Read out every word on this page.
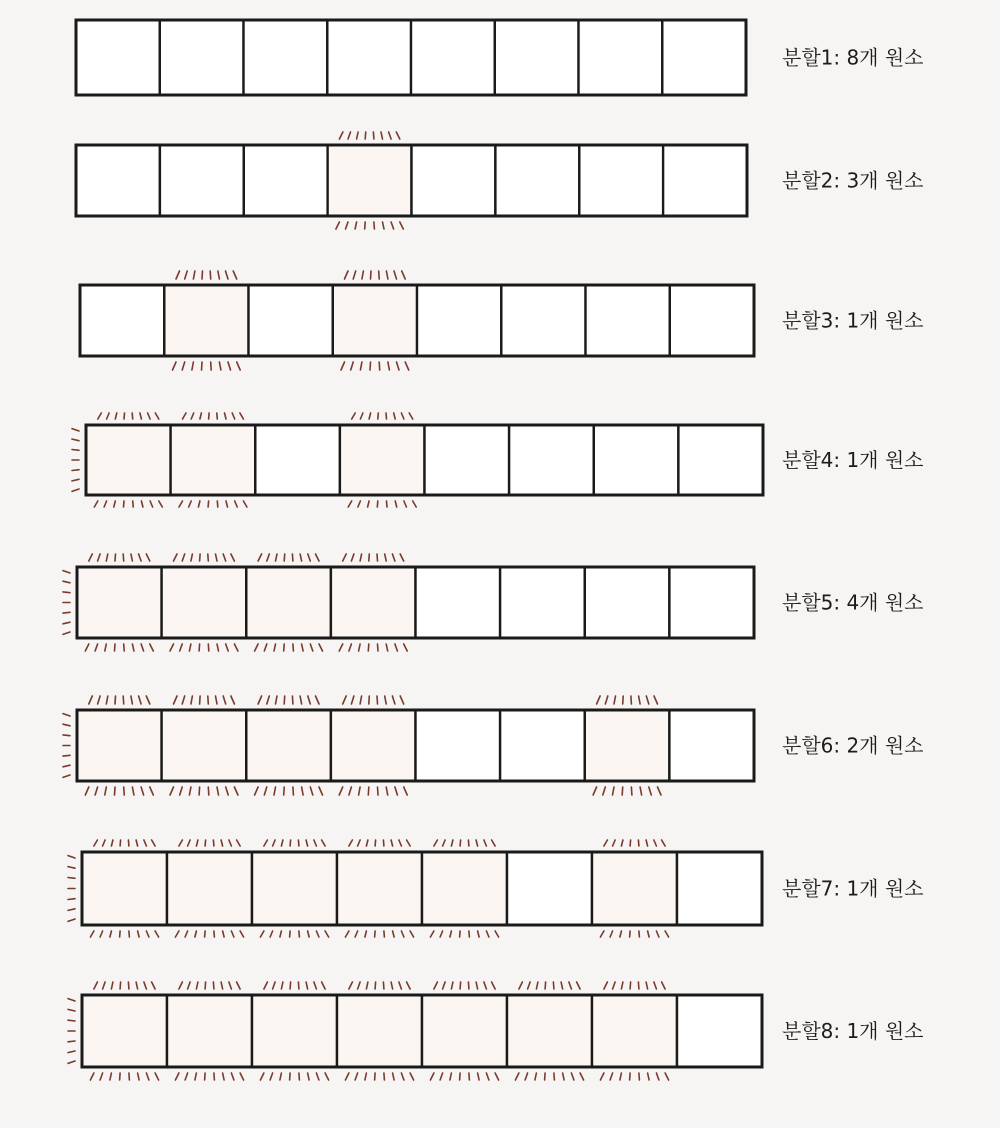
분할1: 8개 원소
분할2: 3개 원소
분할3: 1개 원소
분할4: 1개 원소
분할5: 4개 원소
분할6: 2개 원소
분할7: 1개 원소
분할8: 1개 원소
